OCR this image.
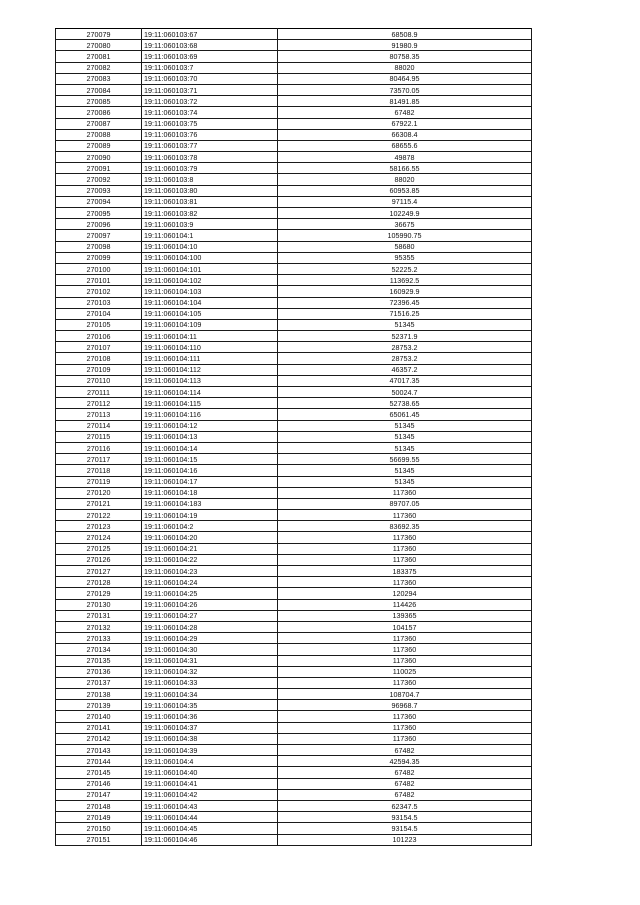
270079	19:11:060103:67	68508.9
270080	19:11:060103:68	91980.9
270081	19:11:060103:69	80758.35
270082	19:11:060103:7	88020
270083	19:11:060103:70	80464.95
270084	19:11:060103:71	73570.05
270085	19:11:060103:72	81491.85
270086	19:11:060103:74	67482
270087	19:11:060103:75	67922.1
270088	19:11:060103:76	66308.4
270089	19:11:060103:77	68655.6
270090	19:11:060103:78	49878
270091	19:11:060103:79	58166.55
270092	19:11:060103:8	88020
270093	19:11:060103:80	60953.85
270094	19:11:060103:81	97115.4
270095	19:11:060103:82	102249.9
270096	19:11:060103:9	36675
270097	19:11:060104:1	105990.75
270098	19:11:060104:10	58680
270099	19:11:060104:100	95355
270100	19:11:060104:101	52225.2
270101	19:11:060104:102	113692.5
270102	19:11:060104:103	160929.9
270103	19:11:060104:104	72396.45
270104	19:11:060104:105	71516.25
270105	19:11:060104:109	51345
270106	19:11:060104:11	52371.9
270107	19:11:060104:110	28753.2
270108	19:11:060104:111	28753.2
270109	19:11:060104:112	46357.2
270110	19:11:060104:113	47017.35
270111	19:11:060104:114	50024.7
270112	19:11:060104:115	52738.65
270113	19:11:060104:116	65061.45
270114	19:11:060104:12	51345
270115	19:11:060104:13	51345
270116	19:11:060104:14	51345
270117	19:11:060104:15	56699.55
270118	19:11:060104:16	51345
270119	19:11:060104:17	51345
270120	19:11:060104:18	117360
270121	19:11:060104:183	89707.05
270122	19:11:060104:19	117360
270123	19:11:060104:2	83692.35
270124	19:11:060104:20	117360
270125	19:11:060104:21	117360
270126	19:11:060104:22	117360
270127	19:11:060104:23	183375
270128	19:11:060104:24	117360
270129	19:11:060104:25	120294
270130	19:11:060104:26	114426
270131	19:11:060104:27	139365
270132	19:11:060104:28	104157
270133	19:11:060104:29	117360
270134	19:11:060104:30	117360
270135	19:11:060104:31	117360
270136	19:11:060104:32	110025
270137	19:11:060104:33	117360
270138	19:11:060104:34	108704.7
270139	19:11:060104:35	96968.7
270140	19:11:060104:36	117360
270141	19:11:060104:37	117360
270142	19:11:060104:38	117360
270143	19:11:060104:39	67482
270144	19:11:060104:4	42594.35
270145	19:11:060104:40	67482
270146	19:11:060104:41	67482
270147	19:11:060104:42	67482
270148	19:11:060104:43	62347.5
270149	19:11:060104:44	93154.5
270150	19:11:060104:45	93154.5
270151	19:11:060104:46	101223
